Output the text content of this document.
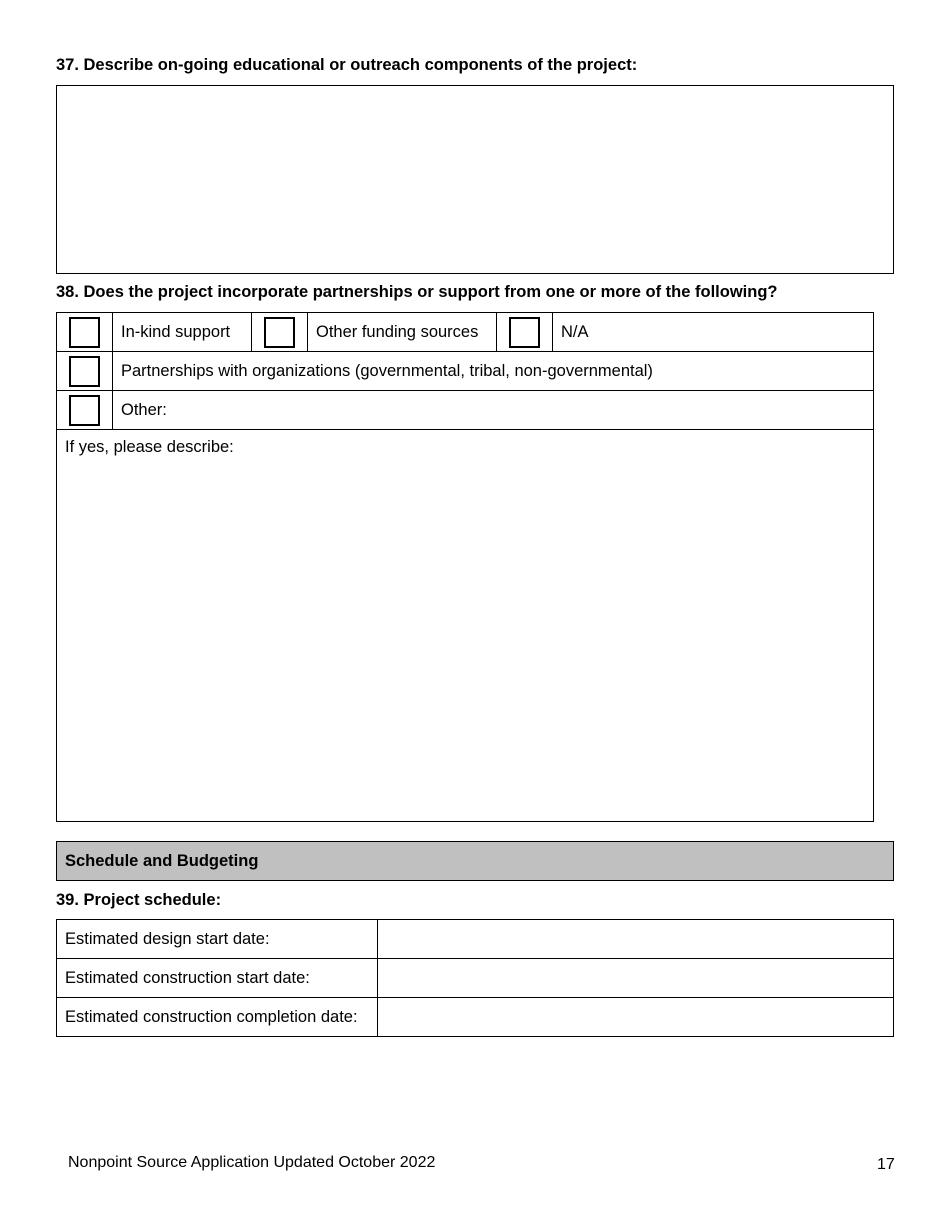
37. Describe on-going educational or outreach components of the project:
38. Does the project incorporate partnerships or support from one or more of the following?
	In-kind support		Other funding sources		N/A

	Partnerships with organizations (governmental, tribal, non-governmental)				

	Other:				

If yes, please describe:					
Schedule and Budgeting
39. Project schedule:
Estimated design start date:	
Estimated construction start date:	
Estimated construction completion date:	
Nonpoint Source Application Updated October 2022	17
